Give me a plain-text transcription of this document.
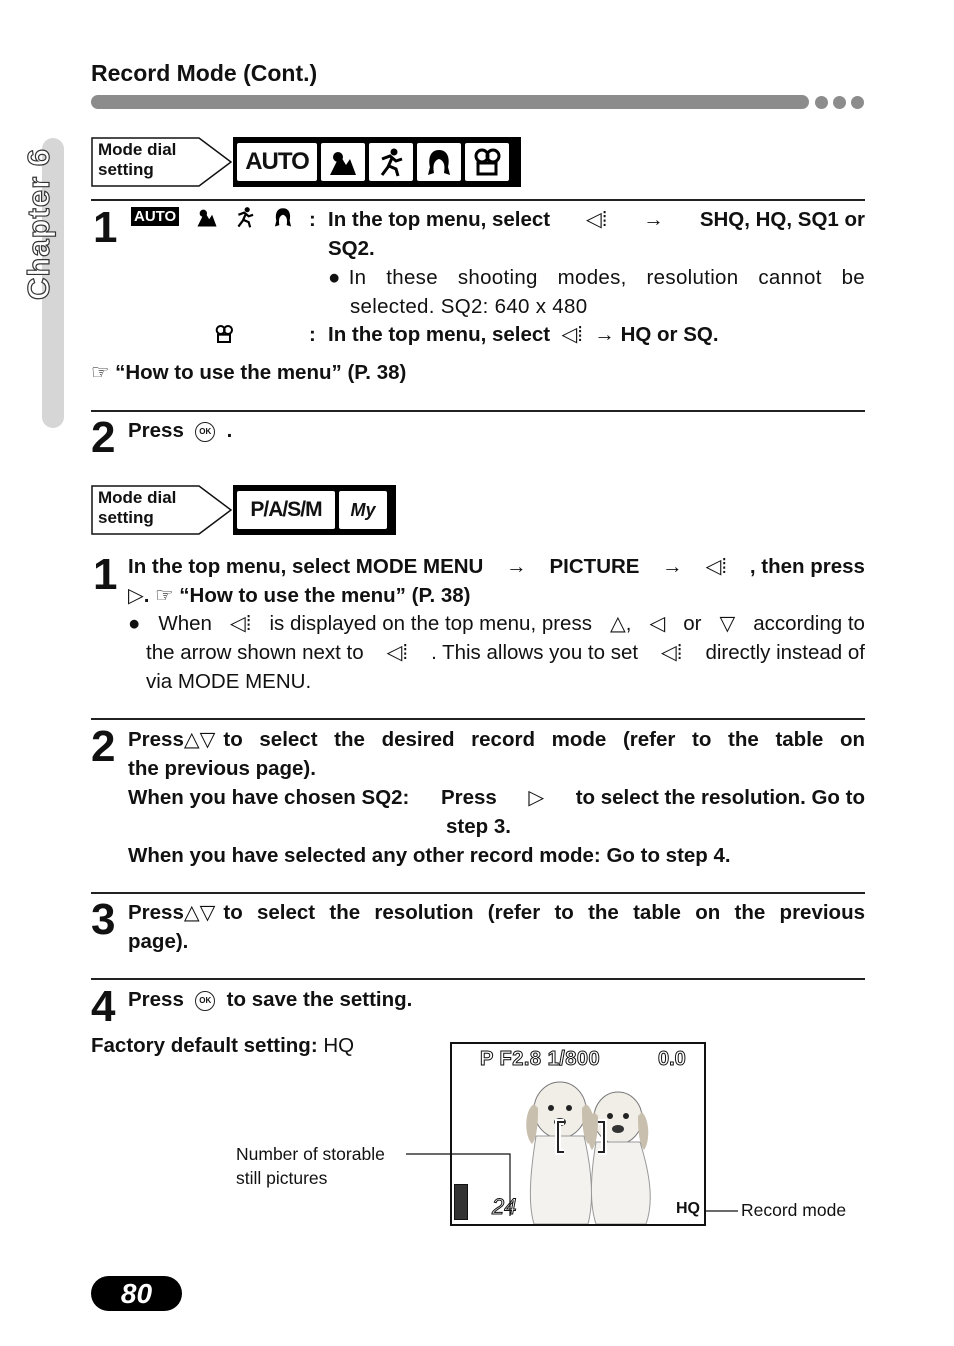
Record Mode (Cont.)
Chapter 6 Mode dial
setting	AUTO
1 AUTO	: In the top menu, select ◁⁞ → SHQ, HQ, SQ1 or
SQ2.
● In these shooting modes, resolution cannot be
selected. SQ2: 640 x 480
: In the top menu, select  ◁⁞  → HQ or SQ.
☞ “How to use the menu” (P. 38)
2 Press OK .
Mode dial
setting	P/A/S/M	My
1 In the top menu, select MODE MENU → PICTURE → ◁⁞ , then press
▷. ☞ “How to use the menu” (P. 38)
● When ◁⁞ is displayed on the top menu, press △, ◁ or ▽ according to
the arrow shown next to ◁⁞ . This allows you to set ◁⁞ directly instead of
via MODE MENU.
2 Press △▽ to select the desired record mode (refer to the table on
the previous page).
When you have chosen SQ2: Press ▷ to select the resolution. Go to
step 3.
When you have selected any other record mode: Go to step 4.
3 Press △▽ to select the resolution (refer to the table on the previous
page).
4 Press OK to save the setting.
Factory default setting: HQ
P F2.8 1/800	0.0
24	HQ
Number of storable
still pictures
Record mode
80
